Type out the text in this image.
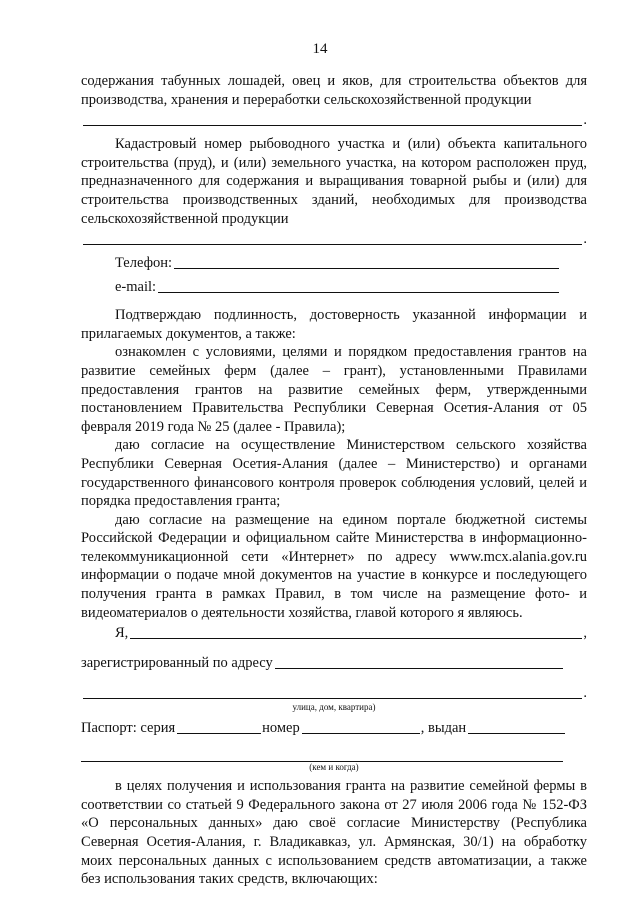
14

содержания табунных лошадей, овец и яков, для строительства объектов для производства, хранения и переработки сельскохозяйственной продукции

.

Кадастровый номер рыбоводного участка и (или) объекта капитального строительства (пруд), и (или) земельного участка, на котором расположен пруд, предназначенного для содержания и выращивания товарной рыбы и (или) для строительства производственных зданий, необходимых для производства сельскохозяйственной продукции

.
Телефон:
e-mail:

Подтверждаю подлинность, достоверность указанной информации и прилагаемых документов, а также:

ознакомлен с условиями, целями и порядком предоставления грантов на развитие семейных ферм (далее – грант), установленными Правилами предоставления грантов на развитие семейных ферм, утвержденными постановлением Правительства Республики Северная Осетия-Алания от 05 февраля 2019 года № 25 (далее - Правила);

даю согласие на осуществление Министерством сельского хозяйства Республики Северная Осетия-Алания (далее – Министерство) и органами государственного финансового контроля проверок соблюдения условий, целей и порядка предоставления гранта;

даю согласие на размещение на едином портале бюджетной системы Российской Федерации и официальном сайте Министерства в информационно-телекоммуникационной сети «Интернет» по адресу www.mcx.alania.gov.ru информации о подаче мной документов на участие в конкурсе и последующего получения гранта в рамках Правил, в том числе на размещение фото- и видеоматериалов о деятельности хозяйства, главой которого я являюсь.

Я,	,
зарегистрированный по адресу
.
улица, дом, квартира)
Паспорт: серия	номер	, выдан
(кем и когда)

в целях получения и использования гранта на развитие семейной фермы в соответствии со статьей 9 Федерального закона от 27 июля 2006 года № 152-ФЗ «О персональных данных» даю своё согласие Министерству (Республика Северная Осетия-Алания, г. Владикавказ, ул. Армянская, 30/1) на обработку моих персональных данных с использованием средств автоматизации, а также без использования таких средств, включающих:
